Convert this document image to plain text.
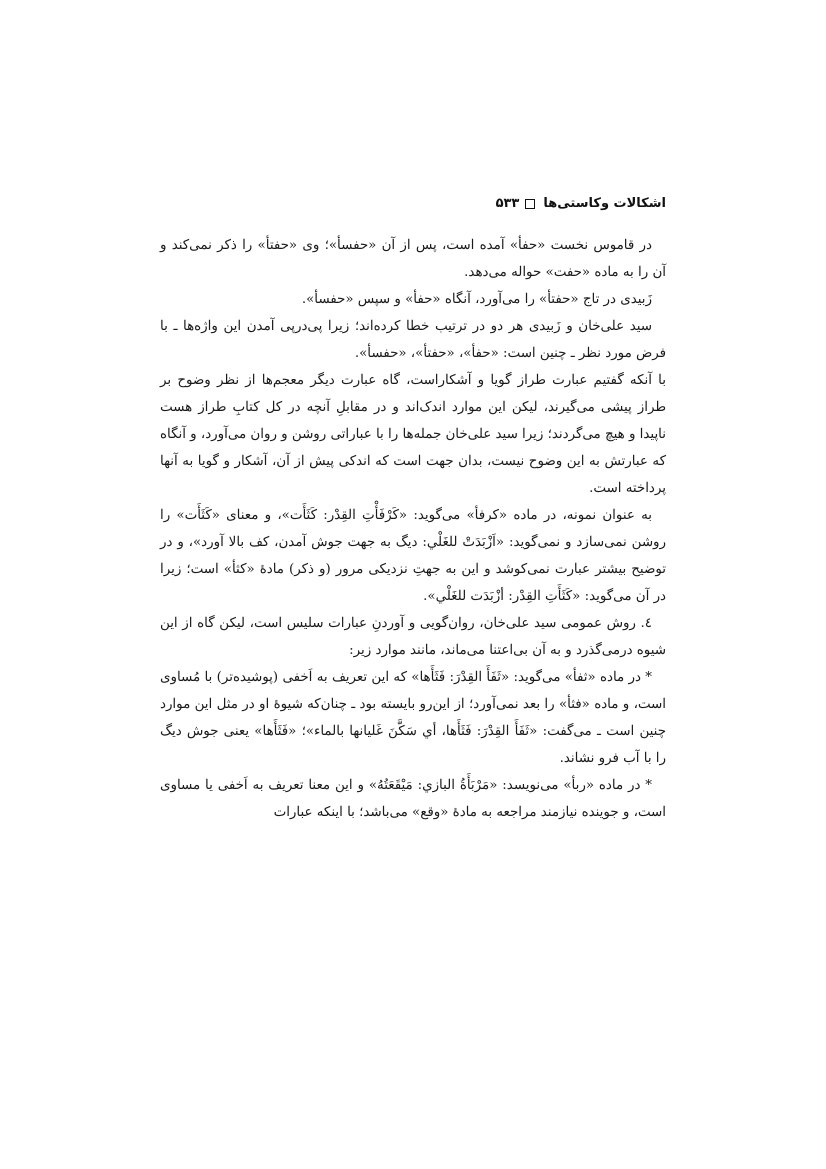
اشکالات وکاستی‌ها
۵۳۳

در قاموس نخست «حفأ» آمده است، پس از آن «حفسأ»؛ وی «حفتأ» را ذکر نمی‌کند و آن را به ماده «حفت» حواله می‌دهد.

زَبیدی در تاج «حفتأ» را می‌آورد، آنگاه «حفأ» و سپس «حفسأ».

سید علی‌خان و زَبیدی هر دو در ترتیب خطا کرده‌اند؛ زیرا پی‌درپی آمدن این واژه‌ها ـ با فرض مورد نظر ـ چنین است: «حفأ»، «حفتأ»، «حفسأ».

با آنکه گفتیم عبارت طراز گویا و آشکاراست، گاه عبارت دیگر معجم‌ها از نظر وضوح بر طراز پیشی می‌گیرند، لیکن این موارد اندک‌اند و در مقابلِ آنچه در کل کتابِ طراز هست ناپیدا و هیچ می‌گردند؛ زیرا سید علی‌خان جمله‌ها را با عباراتی روشن و روان می‌آورد، و آنگاه که عبارتش به این وضوح نیست، بدان جهت است که اندکی پیش از آن، آشکار و گویا به آنها پرداخته است.

به عنوان نمونه، در ماده «کرفأ» می‌گوید: «كَرْفَأْتِ القِدْر: كَثَأَت»، و معنای «كَثَأَت» را روشن نمی‌سازد و نمی‌گوید: «اَزْبَدَتْ للغَلْي: دیگ به جهت جوش آمدن، کف بالا آورد»، و در توضیح بیشتر عبارت نمی‌کوشد و این به جهتِ نزدیکی مرور (و ذکر) مادهٔ «کثأ» است؛ زیرا در آن می‌گوید: «كَثَأَتِ القِدْر: أزْبَدَت للغَلْي».

٤. روش عمومی سید علی‌خان، روان‌گویی و آوردنِ عبارات سلیس است، لیکن گاه از این شیوه درمی‌گذرد و به آن بی‌اعتنا می‌ماند، مانند موارد زیر:

* در ماده «ثفأ» می‌گوید: «ثَفَأَ القِدْرَ: فَثَأَها» که این تعریف به اَخفی (پوشیده‌تر) با مُساوی است، و ماده «فثأ» را بعد نمی‌آورد؛ از این‌رو بایسته بود ـ چنان‌که شیوهٔ او در مثل این موارد چنین است ـ می‌گفت: «ثَفَأَ القِدْرَ: فَثَأَها، أي سَكَّنَ غَليانها بالماء»؛ «فَثَأَها» یعنی جوش دیگ را با آب فرو نشاند.

* در ماده «ربأ» می‌نویسد: «مَرْبَأَةُ البازي: مَيْقَعَتُهُ» و این معنا تعریف به اَخفی یا مساوی است، و جوینده نیازمند مراجعه به مادهٔ «وقع» می‌باشد؛ با اینکه عبارات
